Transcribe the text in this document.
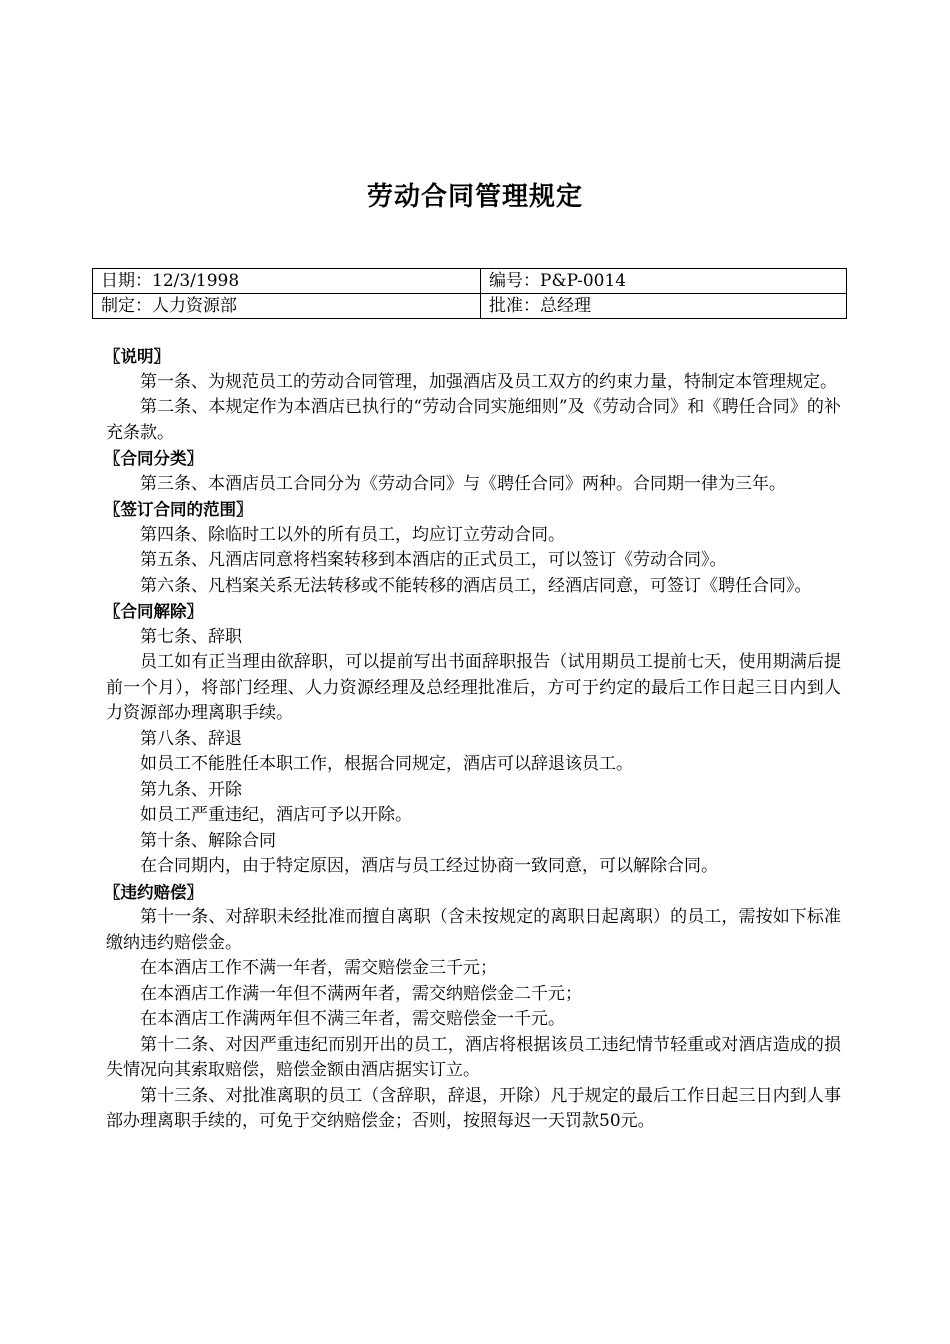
劳动合同管理规定
日期：12/3/1998	编号：P&P-0014
制定：人力资源部	批准：总经理
〖说明〗
第一条、为规范员工的劳动合同管理，加强酒店及员工双方的约束力量，特制定本管理规定。
第二条、本规定作为本酒店已执行的“劳动合同实施细则”及《劳动合同》和《聘任合同》的补充条款。
〖合同分类〗
第三条、本酒店员工合同分为《劳动合同》与《聘任合同》两种。合同期一律为三年。
〖签订合同的范围〗
第四条、除临时工以外的所有员工，均应订立劳动合同。
第五条、凡酒店同意将档案转移到本酒店的正式员工，可以签订《劳动合同》。
第六条、凡档案关系无法转移或不能转移的酒店员工，经酒店同意，可签订《聘任合同》。
〖合同解除〗
第七条、辞职
员工如有正当理由欲辞职，可以提前写出书面辞职报告（试用期员工提前七天，使用期满后提前一个月），将部门经理、人力资源经理及总经理批准后，方可于约定的最后工作日起三日内到人力资源部办理离职手续。
第八条、辞退
如员工不能胜任本职工作，根据合同规定，酒店可以辞退该员工。
第九条、开除
如员工严重违纪，酒店可予以开除。
第十条、解除合同
在合同期内，由于特定原因，酒店与员工经过协商一致同意，可以解除合同。
〖违约赔偿〗
第十一条、对辞职未经批准而擅自离职（含未按规定的离职日起离职）的员工，需按如下标准缴纳违约赔偿金。
在本酒店工作不满一年者，需交赔偿金三千元；
在本酒店工作满一年但不满两年者，需交纳赔偿金二千元；
在本酒店工作满两年但不满三年者，需交赔偿金一千元。
第十二条、对因严重违纪而别开出的员工，酒店将根据该员工违纪情节轻重或对酒店造成的损失情况向其索取赔偿，赔偿金额由酒店据实订立。
第十三条、对批准离职的员工（含辞职，辞退，开除）凡于规定的最后工作日起三日内到人事部办理离职手续的，可免于交纳赔偿金；否则，按照每迟一天罚款50元。
